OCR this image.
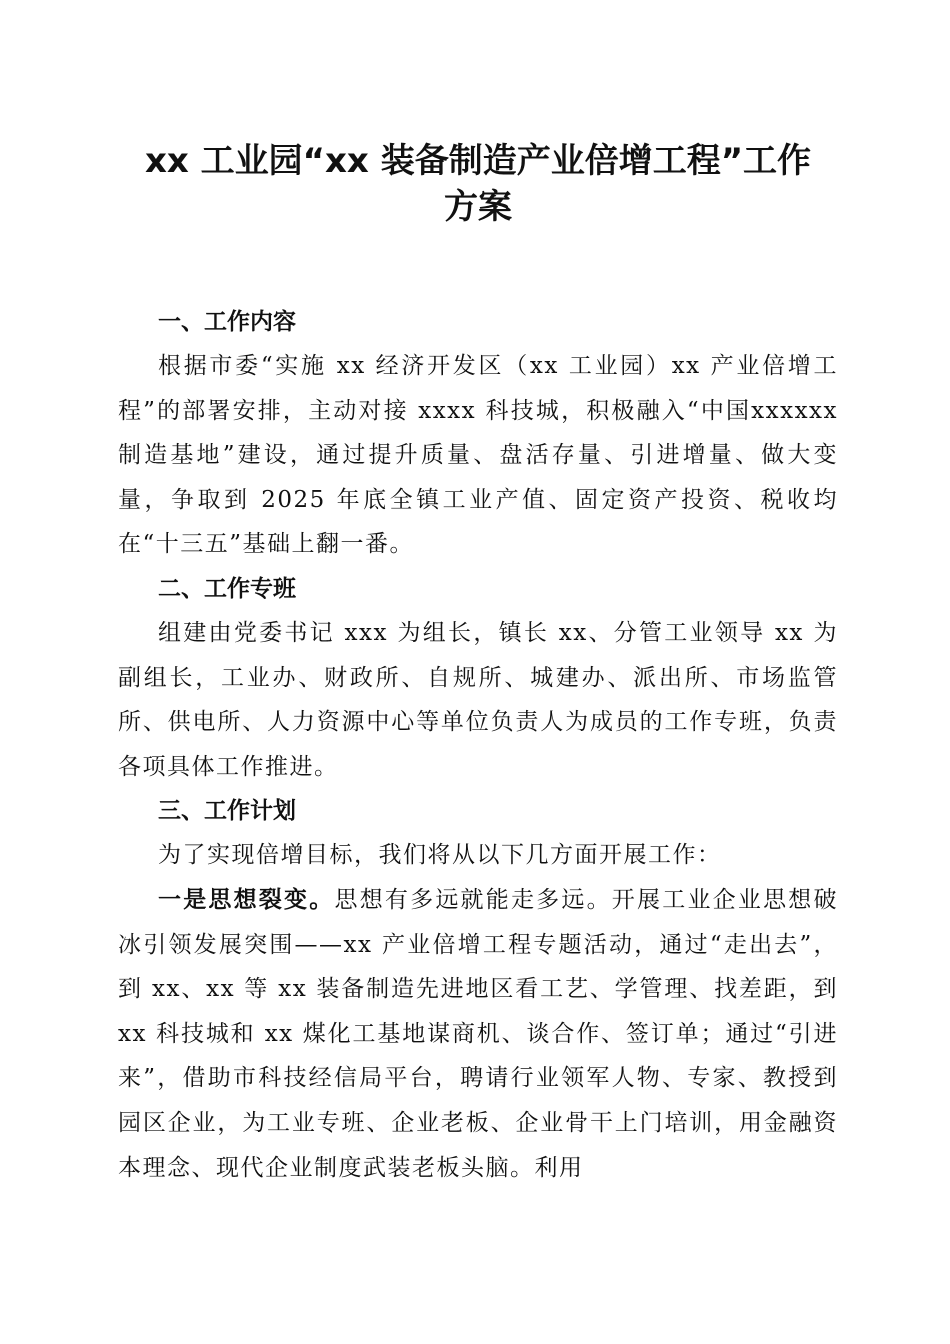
xx 工业园“xx 装备制造产业倍增工程”工作
方案

一、工作内容

根据市委“实施 xx 经济开发区（xx 工业园）xx 产业倍增工程”的部署安排，主动对接 xxxx 科技城，积极融入“中国xxxxxx 制造基地”建设，通过提升质量、盘活存量、引进增量、做大变量，争取到 2025 年底全镇工业产值、固定资产投资、税收均在“十三五”基础上翻一番。

二、工作专班

组建由党委书记 xxx 为组长，镇长 xx、分管工业领导 xx 为副组长，工业办、财政所、自规所、城建办、派出所、市场监管所、供电所、人力资源中心等单位负责人为成员的工作专班，负责各项具体工作推进。

三、工作计划

为了实现倍增目标，我们将从以下几方面开展工作：

一是思想裂变。思想有多远就能走多远。开展工业企业思想破冰引领发展突围——xx 产业倍增工程专题活动，通过“走出去”，到 xx、xx 等 xx 装备制造先进地区看工艺、学管理、找差距，到 xx 科技城和 xx 煤化工基地谋商机、谈合作、签订单；通过“引进来”，借助市科技经信局平台，聘请行业领军人物、专家、教授到园区企业，为工业专班、企业老板、企业骨干上门培训，用金融资本理念、现代企业制度武装老板头脑。利用
